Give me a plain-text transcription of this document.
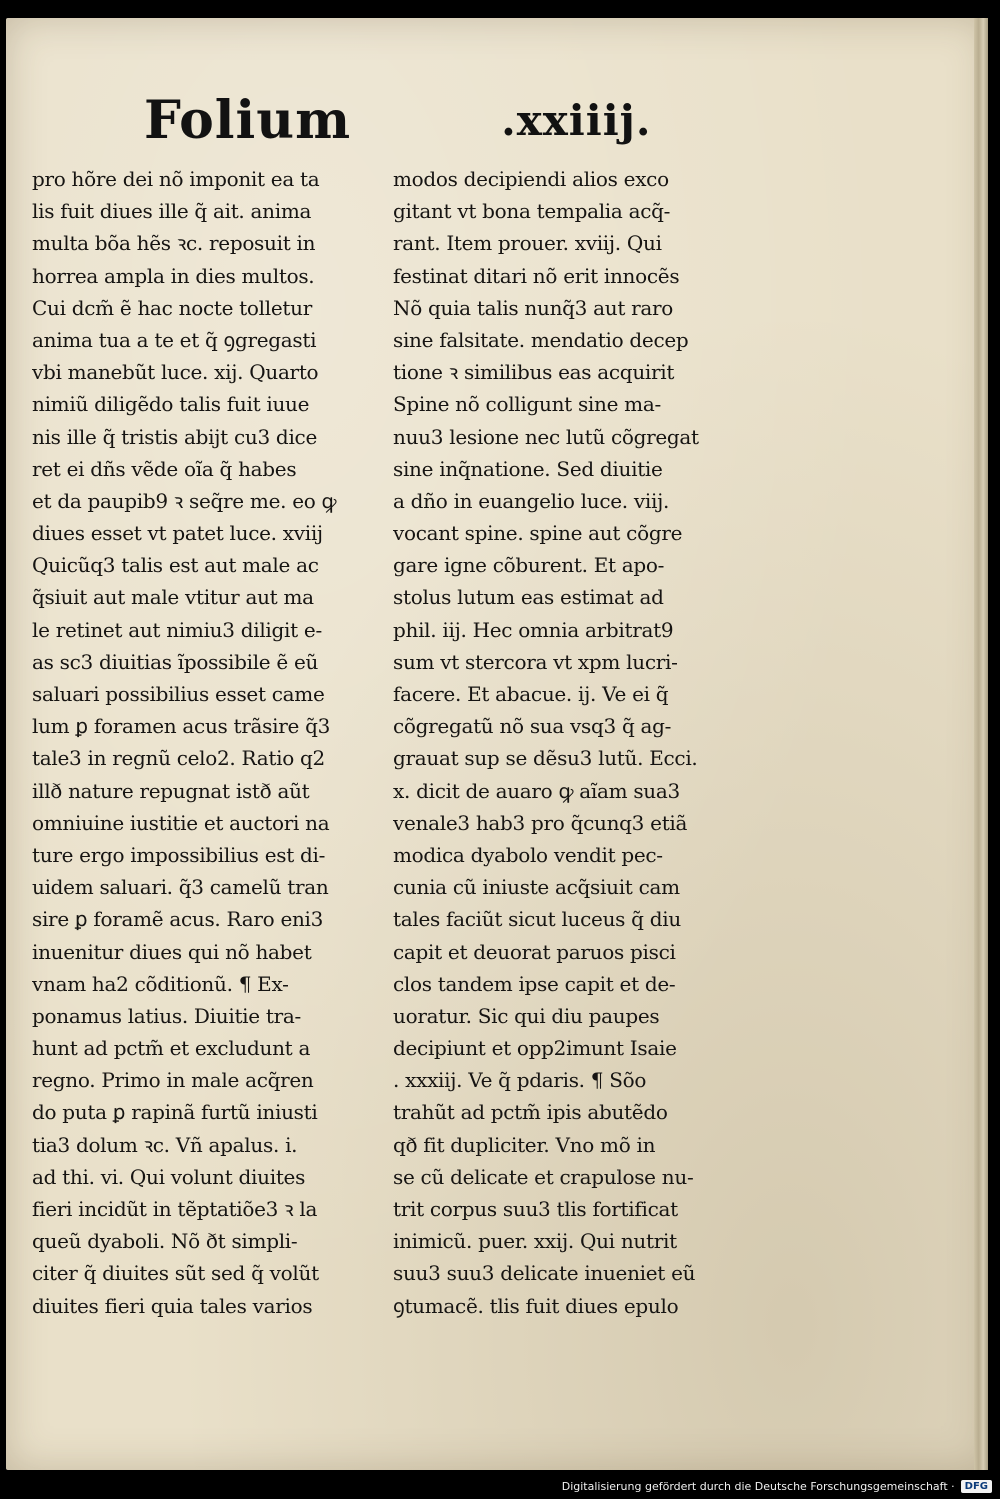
Folium	.xxiiij.
pro hõre dei nõ imponit ea ta
lis fuit diues ille q̃ ait. anima
multa bõa hẽs ꝛc. reposuit in
horrea ampla in dies multos.
Cui dcm̃ ẽ hac nocte tolletur
anima tua a te et q̃ ꝯgregasti
vbi manebũt luce. xij. Quarto
nimiũ diligẽdo talis fuit iuue
nis ille q̃ tristis abijt cu3 dice
ret ei dñs vẽde oĩa q̃ habes
et da paupib9 ꝛ seq̃re me. eo ꝙ
diues esset vt patet luce. xviij
Quicũq3 talis est aut male ac
q̃siuit aut male vtitur aut ma
le retinet aut nimiu3 diligit e-
as sc3 diuitias ĩpossibile ẽ eũ
saluari possibilius esset came
lum ꝑ foramen acus trãsire q̃3
tale3 in regnũ celo2. Ratio q2
illð nature repugnat istð aũt
omniuine iustitie et auctori na
ture ergo impossibilius est di-
uidem saluari. q̃3 camelũ tran
sire ꝑ foramẽ acus. Raro eni3
inuenitur diues qui nõ habet
vnam ha2 cõditionũ. ¶ Ex-
ponamus latius. Diuitie tra-
hunt ad pctm̃ et excludunt a
regno. Primo in male acq̃ren
do puta ꝑ rapinã furtũ iniusti
tia3 dolum ꝛc. Vñ apalus. i.
ad thi. vi. Qui volunt diuites
fieri incidũt in tẽptatiõe3 ꝛ la
queũ dyaboli. Nõ ðt simpli-
citer q̃ diuites sũt sed q̃ volũt
diuites fieri quia tales varios
modos decipiendi alios exco
gitant vt bona tempalia acq̃-
rant. Item prouer. xviij. Qui
festinat ditari nõ erit innocẽs
Nõ quia talis nunq̃3 aut raro
sine falsitate. mendatio decep
tione ꝛ similibus eas acquirit
Spine nõ colligunt sine ma-
nuu3 lesione nec lutũ cõgregat
sine inq̃natione. Sed diuitie
a dño in euangelio luce. viij.
vocant spine. spine aut cõgre
gare igne cõburent. Et apo-
stolus lutum eas estimat ad
phil. iij. Hec omnia arbitrat9
sum vt stercora vt xpm lucri-
facere. Et abacue. ij. Ve ei q̃
cõgregatũ nõ sua vsq3 q̃ ag-
grauat sup se dẽsu3 lutũ. Ecci.
x. dicit de auaro ꝙ aĩam sua3
venale3 hab3 pro q̃cunq3 etiã
modica dyabolo vendit pec-
cunia cũ iniuste acq̃siuit cam
tales faciũt sicut luceus q̃ diu
capit et deuorat paruos pisci
clos tandem ipse capit et de-
uoratur. Sic qui diu paupes
decipiunt et opp2imunt Isaie
. xxxiij. Ve q̃ pdaris. ¶ Sõo
trahũt ad pctm̃ ipis abutẽdo
qð fit dupliciter. Vno mõ in
se cũ delicate et crapulose nu-
trit corpus suu3 tlis fortificat
inimicũ. puer. xxij. Qui nutrit
suu3 suu3 delicate inueniet eũ
ꝯtumacẽ. tlis fuit diues epulo
Digitalisierung gefördert durch die Deutsche Forschungsgemeinschaft ·	DFG
